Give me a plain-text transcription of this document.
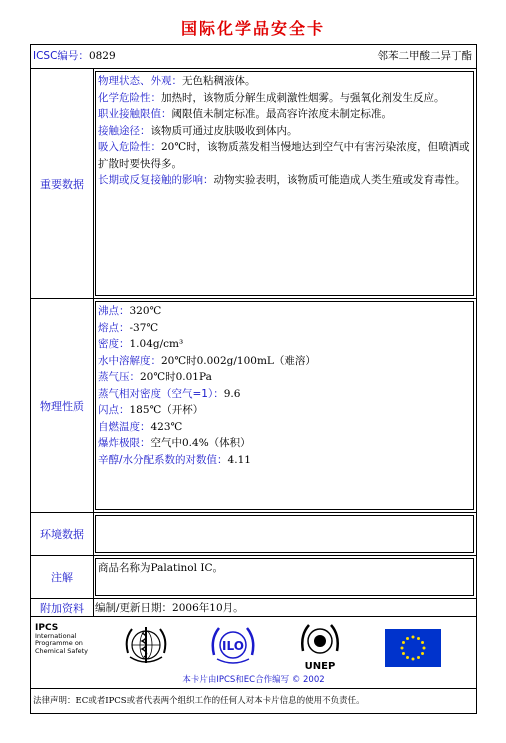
国际化学品安全卡
ICSC编号：0829	邻苯二甲酸二异丁酯
重要数据
物理状态、外观：无色粘稠液体。
化学危险性：加热时，该物质分解生成刺激性烟雾。与强氧化剂发生反应。
职业接触限值：阈限值未制定标准。最高容许浓度未制定标准。
接触途径：该物质可通过皮肤吸收到体内。
吸入危险性：20℃时，该物质蒸发相当慢地达到空气中有害污染浓度，但喷洒或扩散时要快得多。
长期或反复接触的影响：动物实验表明，该物质可能造成人类生殖或发育毒性。
物理性质
沸点：320℃
熔点：-37℃
密度：1.04g/cm³
水中溶解度：20℃时0.002g/100mL（难溶）
蒸气压：20℃时0.01Pa
蒸气相对密度（空气=1）：9.6
闪点：185℃（开杯）
自燃温度：423℃
爆炸极限：空气中0.4%（体积）
辛醇/水分配系数的对数值：4.11
环境数据
注解
商品名称为Palatinol IC。
附加资料	编制/更新日期：2006年10月。
IPCS
International
Programme on
Chemical Safety	ILO
UNEP
本卡片由IPCS和EC合作编写 © 2002
法律声明：EC或者IPCS或者代表两个组织工作的任何人对本卡片信息的使用不负责任。
